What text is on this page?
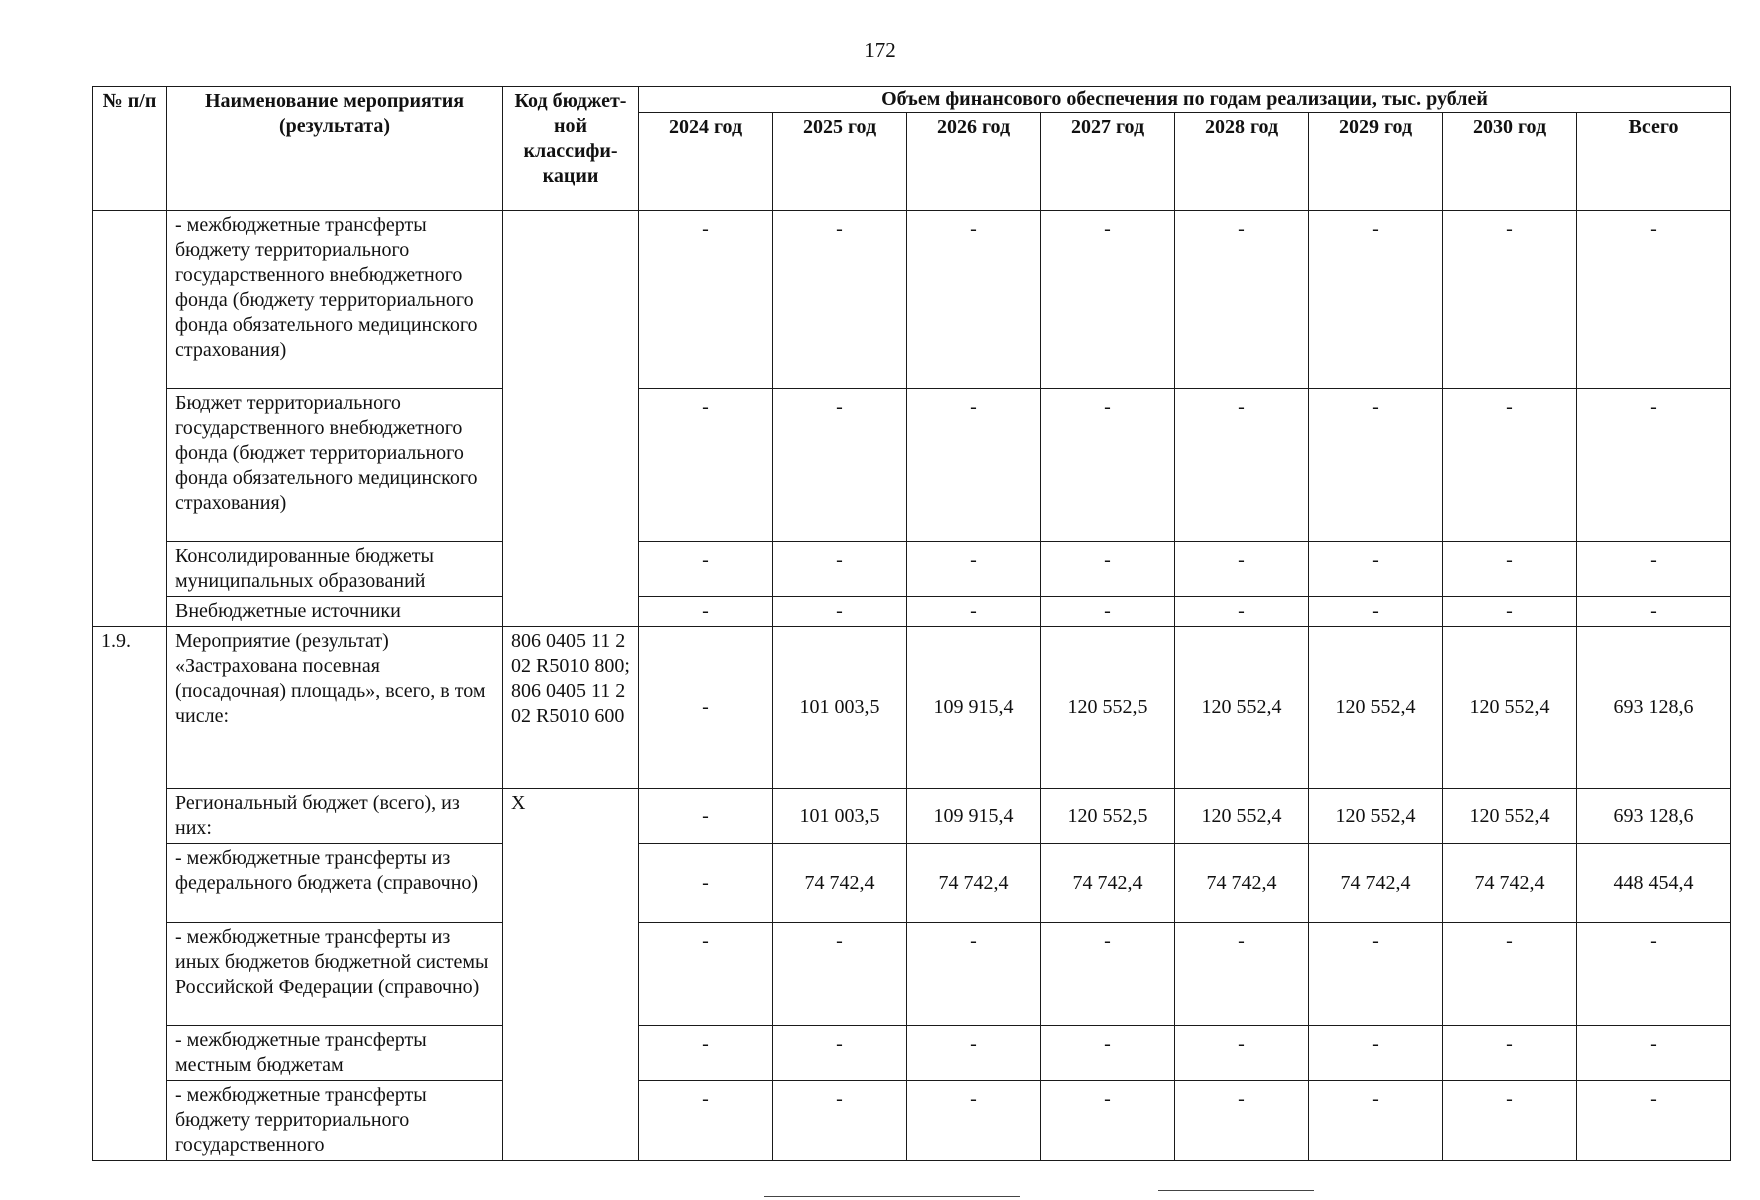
172
№ п/п	Наименование мероприятия (результата)	Код бюджет-ной классифи-кации	Объем финансового обеспечения по годам реализации, тыс. рублей							
			2024 год	2025 год	2026 год	2027 год	2028 год	2029 год	2030 год	Всего
	- межбюджетные трансферты бюджету территориального государственного внебюджетного фонда (бюджету территориального фонда обязательного медицинского страхования)		-	-	-	-	-	-	-	-
	Бюджет территориального государственного внебюджетного фонда (бюджет территориального фонда обязательного медицинского страхования)		-	-	-	-	-	-	-	-
	Консолидированные бюджеты муниципальных образований		-	-	-	-	-	-	-	-
	Внебюджетные источники		-	-	-	-	-	-	-	-
1.9.	Мероприятие (результат) «Застрахована посевная (посадочная) площадь», всего, в том числе:	806 0405 11 2 02 R5010 800; 806 0405 11 2 02 R5010 600	-	101 003,5	109 915,4	120 552,5	120 552,4	120 552,4	120 552,4	693 128,6
	Региональный бюджет (всего), из них:	X	-	101 003,5	109 915,4	120 552,5	120 552,4	120 552,4	120 552,4	693 128,6
	- межбюджетные трансферты из федерального бюджета (справочно)		-	74 742,4	74 742,4	74 742,4	74 742,4	74 742,4	74 742,4	448 454,4
	- межбюджетные трансферты из иных бюджетов бюджетной системы Российской Федерации (справочно)		-	-	-	-	-	-	-	-
	- межбюджетные трансферты местным бюджетам		-	-	-	-	-	-	-	-
	- межбюджетные трансферты бюджету территориального государственного		-	-	-	-	-	-	-	-
